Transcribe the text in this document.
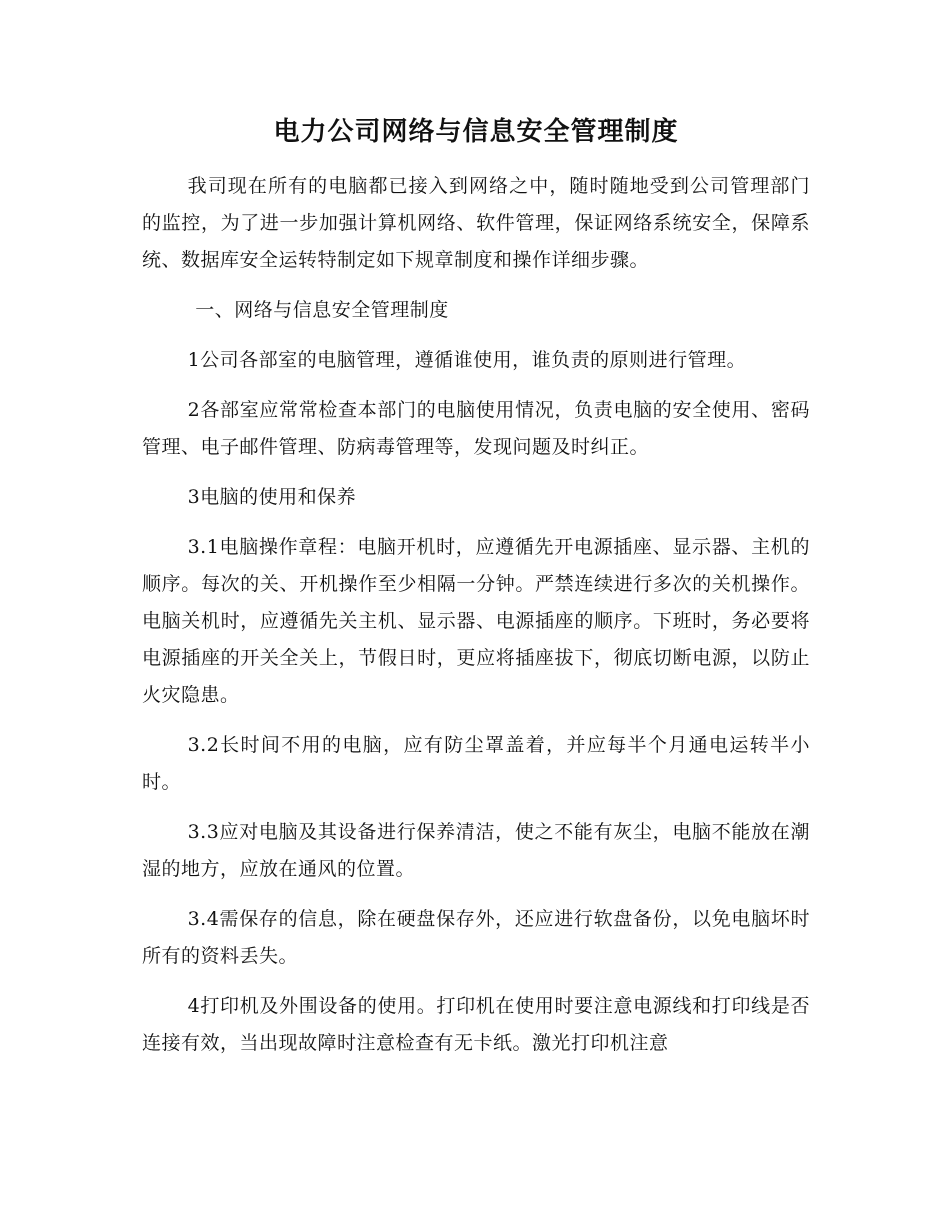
电力公司网络与信息安全管理制度

我司现在所有的电脑都已接入到网络之中，随时随地受到公司管理部门的监控，为了进一步加强计算机网络、软件管理，保证网络系统安全，保障系统、数据库安全运转特制定如下规章制度和操作详细步骤。

一、网络与信息安全管理制度

1公司各部室的电脑管理，遵循谁使用，谁负责的原则进行管理。

2各部室应常常检查本部门的电脑使用情况，负责电脑的安全使用、密码管理、电子邮件管理、防病毒管理等，发现问题及时纠正。

3电脑的使用和保养

3.1电脑操作章程：电脑开机时，应遵循先开电源插座、显示器、主机的顺序。每次的关、开机操作至少相隔一分钟。严禁连续进行多次的关机操作。电脑关机时，应遵循先关主机、显示器、电源插座的顺序。下班时，务必要将电源插座的开关全关上，节假日时，更应将插座拔下，彻底切断电源，以防止火灾隐患。

3.2长时间不用的电脑，应有防尘罩盖着，并应每半个月通电运转半小时。

3.3应对电脑及其设备进行保养清洁，使之不能有灰尘，电脑不能放在潮湿的地方，应放在通风的位置。

3.4需保存的信息，除在硬盘保存外，还应进行软盘备份，以免电脑坏时所有的资料丢失。

4打印机及外围设备的使用。打印机在使用时要注意电源线和打印线是否连接有效，当出现故障时注意检查有无卡纸。激光打印机注意
